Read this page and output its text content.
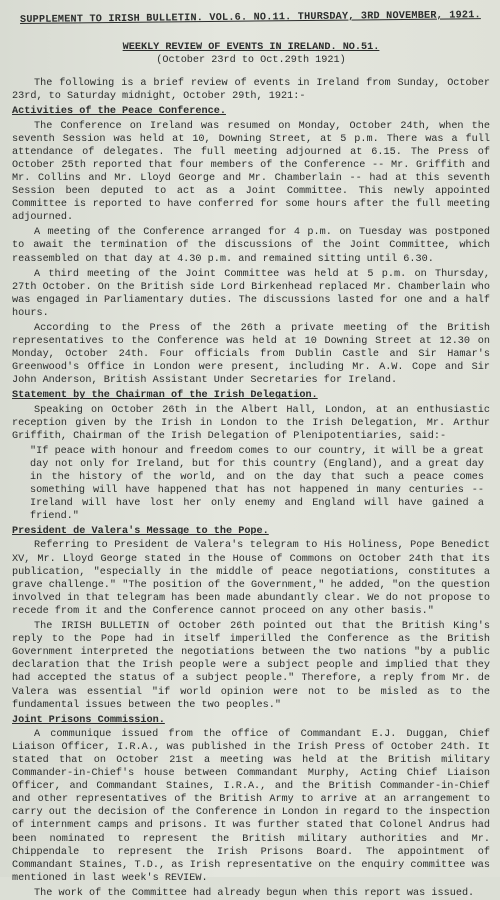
SUPPLEMENT TO IRISH BULLETIN. VOL.6. NO.11. THURSDAY, 3RD NOVEMBER, 1921.
WEEKLY REVIEW OF EVENTS IN IRELAND. NO.51.
(October 23rd to Oct.29th 1921)

The following is a brief review of events in Ireland from Sunday, October 23rd, to Saturday midnight, October 29th, 1921:-

Activities of the Peace Conference.

The Conference on Ireland was resumed on Monday, October 24th, when the seventh Session was held at 10, Downing Street, at 5 p.m. There was a full attendance of delegates. The full meeting adjourned at 6.15. The Press of October 25th reported that four members of the Conference -- Mr. Griffith and Mr. Collins and Mr. Lloyd George and Mr. Chamberlain -- had at this seventh Session been deputed to act as a Joint Committee. This newly appointed Committee is reported to have conferred for some hours after the full meeting adjourned.

A meeting of the Conference arranged for 4 p.m. on Tuesday was postponed to await the termination of the discussions of the Joint Committee, which reassembled on that day at 4.30 p.m. and remained sitting until 6.30.

A third meeting of the Joint Committee was held at 5 p.m. on Thursday, 27th October. On the British side Lord Birkenhead replaced Mr. Chamberlain who was engaged in Parliamentary duties. The discussions lasted for one and a half hours.

According to the Press of the 26th a private meeting of the British representatives to the Conference was held at 10 Downing Street at 12.30 on Monday, October 24th. Four officials from Dublin Castle and Sir Hamar's Greenwood's Office in London were present, including Mr. A.W. Cope and Sir John Anderson, British Assistant Under Secretaries for Ireland.

Statement by the Chairman of the Irish Delegation.

Speaking on October 26th in the Albert Hall, London, at an enthusiastic reception given by the Irish in London to the Irish Delegation, Mr. Arthur Griffith, Chairman of the Irish Delegation of Plenipotentiaries, said:-

"If peace with honour and freedom comes to our country, it will be a great day not only for Ireland, but for this country (England), and a great day in the history of the world, and on the day that such a peace comes something will have happened that has not happened in many centuries -- Ireland will have lost her only enemy and England will have gained a friend."

President de Valera's Message to the Pope.

Referring to President de Valera's telegram to His Holiness, Pope Benedict XV, Mr. Lloyd George stated in the House of Commons on October 24th that its publication, "especially in the middle of peace negotiations, constitutes a grave challenge." "The position of the Government," he added, "on the question involved in that telegram has been made abundantly clear. We do not propose to recede from it and the Conference cannot proceed on any other basis."

The IRISH BULLETIN of October 26th pointed out that the British King's reply to the Pope had in itself imperilled the Conference as the British Government interpreted the negotiations between the two nations "by a public declaration that the Irish people were a subject people and implied that they had accepted the status of a subject people." Therefore, a reply from Mr. de Valera was essential "if world opinion were not to be misled as to the fundamental issues between the two peoples."

Joint Prisons Commission.

A communique issued from the office of Commandant E.J. Duggan, Chief Liaison Officer, I.R.A., was published in the Irish Press of October 24th. It stated that on October 21st a meeting was held at the British military Commander-in-Chief's house between Commandant Murphy, Acting Chief Liaison Officer, and Commandant Staines, I.R.A., and the British Commander-in-Chief and other representatives of the British Army to arrive at an arrangement to carry out the decision of the Conference in London in regard to the inspection of internment camps and prisons. It was further stated that Colonel Andrus had been nominated to represent the British military authorities and Mr. Chippendale to represent the Irish Prisons Board. The appointment of Commandant Staines, T.D., as Irish representative on the enquiry committee was mentioned in last week's REVIEW.

The work of the Committee had already begun when this report was issued.
